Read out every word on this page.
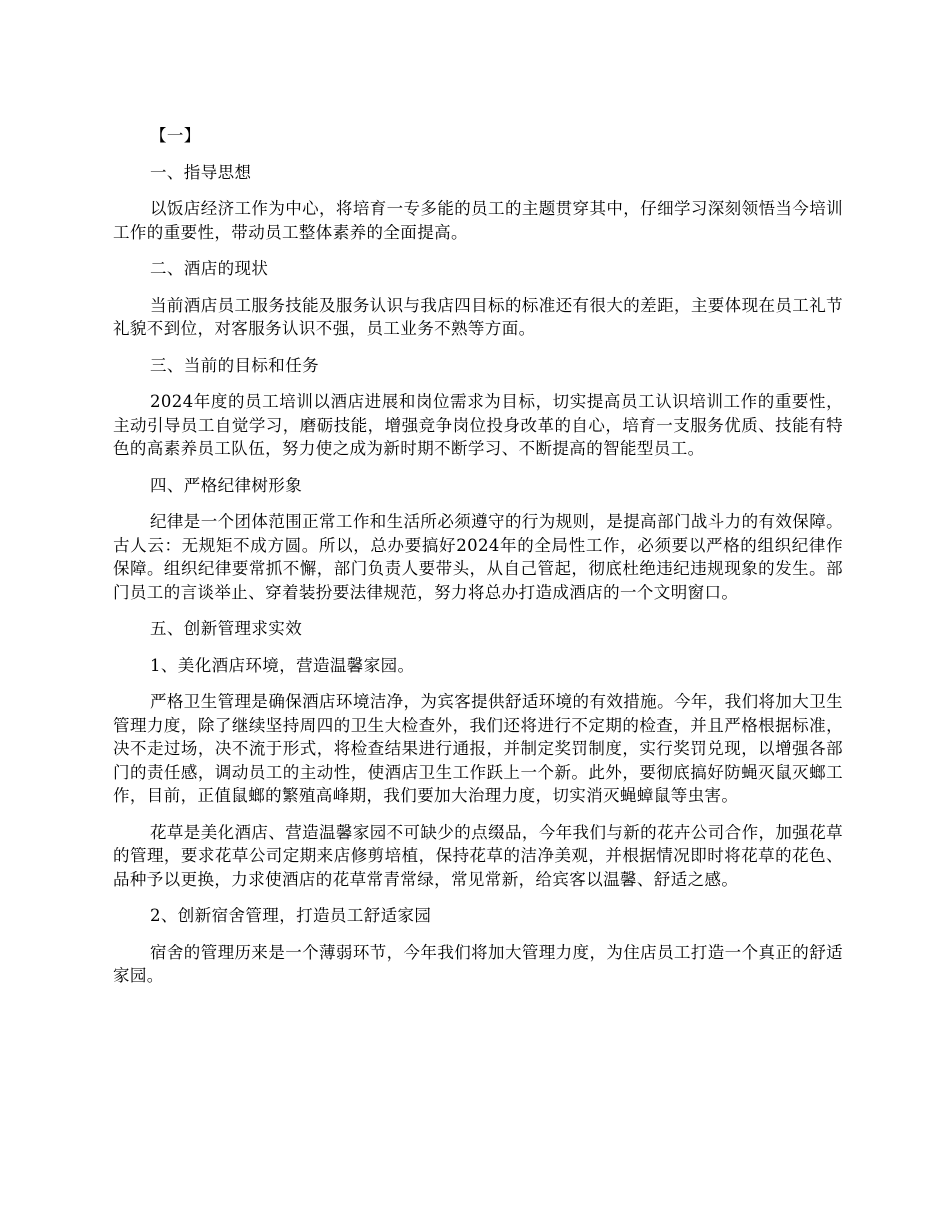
【一】

一、指导思想

以饭店经济工作为中心，将培育一专多能的员工的主题贯穿其中，仔细学习深刻领悟当今培训工作的重要性，带动员工整体素养的全面提高。

二、酒店的现状

当前酒店员工服务技能及服务认识与我店四目标的标准还有很大的差距，主要体现在员工礼节礼貌不到位，对客服务认识不强，员工业务不熟等方面。

三、当前的目标和任务

2024年度的员工培训以酒店进展和岗位需求为目标，切实提高员工认识培训工作的重要性，主动引导员工自觉学习，磨砺技能，增强竞争岗位投身改革的自心，培育一支服务优质、技能有特色的高素养员工队伍，努力使之成为新时期不断学习、不断提高的智能型员工。

四、严格纪律树形象

纪律是一个团体范围正常工作和生活所必须遵守的行为规则，是提高部门战斗力的有效保障。古人云：无规矩不成方圆。所以，总办要搞好2024年的全局性工作，必须要以严格的组织纪律作保障。组织纪律要常抓不懈，部门负责人要带头，从自己管起，彻底杜绝违纪违规现象的发生。部门员工的言谈举止、穿着装扮要法律规范，努力将总办打造成酒店的一个文明窗口。

五、创新管理求实效

1、美化酒店环境，营造温馨家园。

严格卫生管理是确保酒店环境洁净，为宾客提供舒适环境的有效措施。今年，我们将加大卫生管理力度，除了继续坚持周四的卫生大检查外，我们还将进行不定期的检查，并且严格根据标准，决不走过场，决不流于形式，将检查结果进行通报，并制定奖罚制度，实行奖罚兑现，以增强各部门的责任感，调动员工的主动性，使酒店卫生工作跃上一个新。此外，要彻底搞好防蝇灭鼠灭螂工作，目前，正值鼠螂的繁殖高峰期，我们要加大治理力度，切实消灭蝇蟑鼠等虫害。

花草是美化酒店、营造温馨家园不可缺少的点缀品，今年我们与新的花卉公司合作，加强花草的管理，要求花草公司定期来店修剪培植，保持花草的洁净美观，并根据情况即时将花草的花色、品种予以更换，力求使酒店的花草常青常绿，常见常新，给宾客以温馨、舒适之感。

2、创新宿舍管理，打造员工舒适家园

宿舍的管理历来是一个薄弱环节，今年我们将加大管理力度，为住店员工打造一个真正的舒适家园。
